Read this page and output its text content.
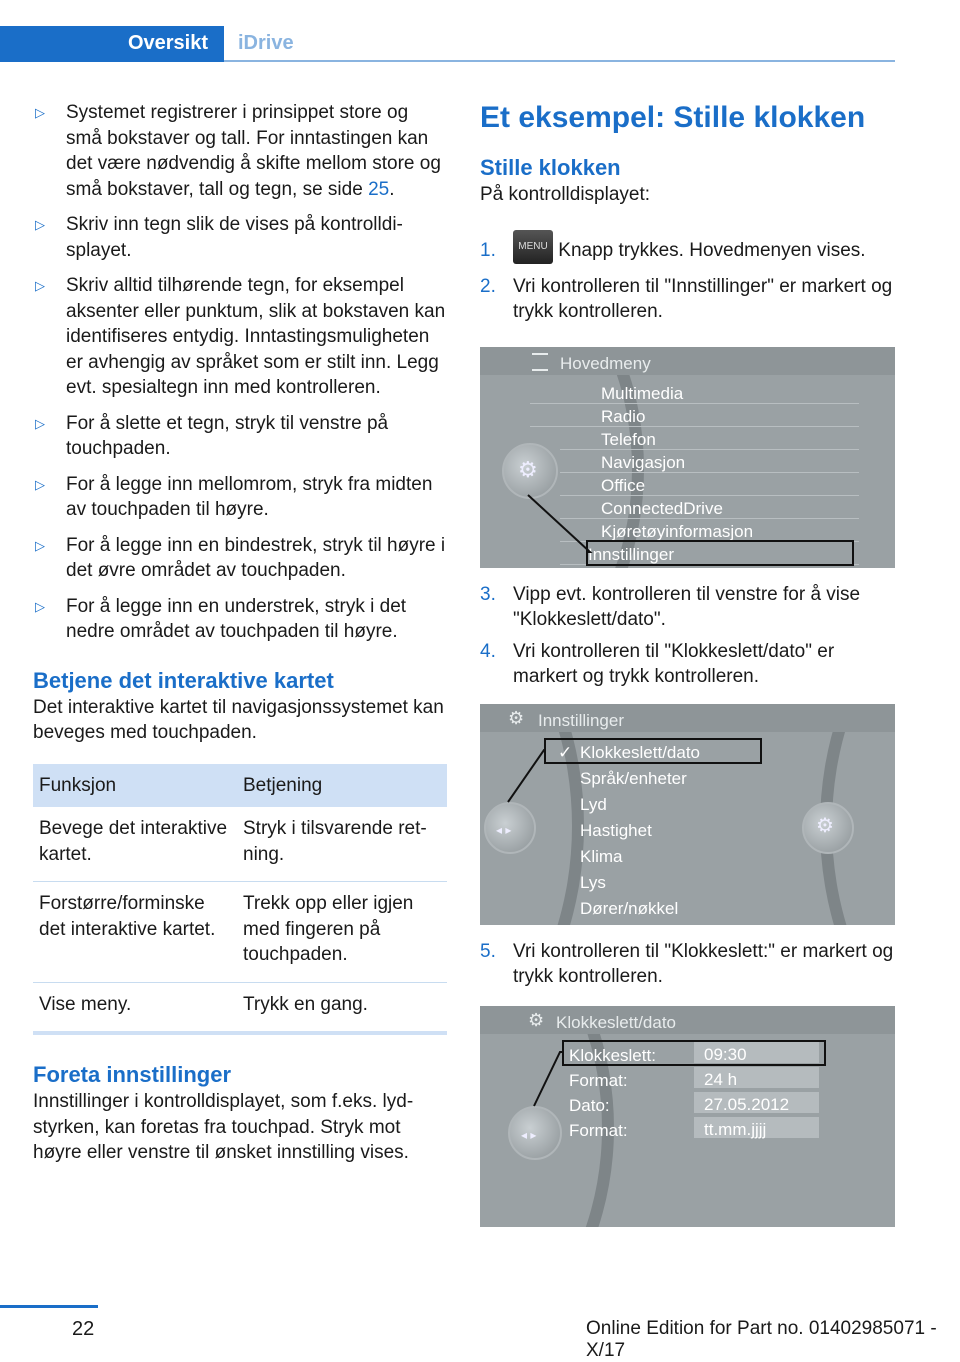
Oversikt	iDrive
▷ Systemet registrerer i prinsippet store og små bokstaver og tall. For inntastingen kan det være nødvendig å skifte mellom store og små bokstaver, tall og tegn, se side 25.
▷ Skriv inn tegn slik de vises på kontrolldisplayet.
▷ Skriv alltid tilhørende tegn, for eksempel aksenter eller punktum, slik at bokstaven kan identifiseres entydig. Inntastingsmuligheten er avhengig av språket som er stilt inn. Legg evt. spesialtegn inn med kontrolleren.
▷ For å slette et tegn, stryk til venstre på touchpaden.
▷ For å legge inn mellomrom, stryk fra midten av touchpaden til høyre.
▷ For å legge inn en bindestrek, stryk til høyre i det øvre området av touchpaden.
▷ For å legge inn en understrek, stryk i det nedre området av touchpaden til høyre.
Betjene det interaktive kartet

Det interaktive kartet til navigasjonssystemet kan beveges med touchpaden.

Funksjon	Betjening
Bevege det interaktive kartet.	Stryk i tilsvarende retning.
Forstørre/forminske det interaktive kartet.	Trekk opp eller igjen med fingeren på touchpaden.
Vise meny.	Trykk en gang.
Foreta innstillinger

Innstillinger i kontrolldisplayet, som f.eks. lydstyrken, kan foretas fra touchpad. Stryk mot høyre eller venstre til ønsket innstilling vises.

Et eksempel: Stille klokken
Stille klokken

På kontrolldisplayet:

1. MENU Knapp trykkes. Hovedmenyen vises.
2. Vri kontrolleren til "Innstillinger" er markert og trykk kontrolleren.
Hovedmeny
Multimedia
Radio
Telefon
Navigasjon
Office
ConnectedDrive
Kjøretøyinformasjon
Innstillinger
⚙
3. Vipp evt. kontrolleren til venstre for å vise "Klokkeslett/dato".
4. Vri kontrolleren til "Klokkeslett/dato" er markert og trykk kontrolleren.
⚙ Innstillinger
Klokkeslett/dato
✓
Språk/enheter
Lyd
Hastighet
Klima
Lys
Dører/nøkkel
◂ ▸	⚙
5. Vri kontrolleren til "Klokkeslett:" er markert og trykk kontrolleren.
⚙ Klokkeslett/dato
Klokkeslett:	09:30
Format:	24 h
Dato:	27.05.2012
Format:	tt.mm.jjjj
◂ ▸
22	Online Edition for Part no. 01402985071 - X/17
